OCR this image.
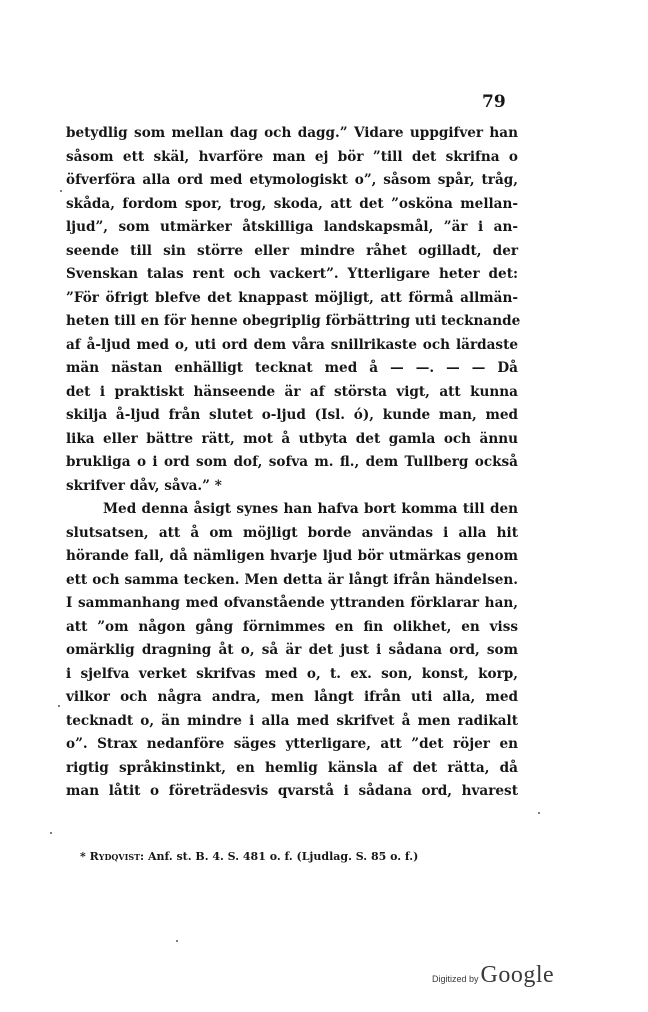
79
betydlig som mellan dag och dagg.” Vidare uppgifver han
såsom ett skäl, hvarföre man ej bör ”till det skrifna o
öfverföra alla ord med etymologiskt o”, såsom spår, tråg,
skåda, fordom spor, trog, skoda, att det ”osköna mellan-
ljud”, som utmärker åtskilliga landskapsmål, ”är i an-
seende till sin större eller mindre råhet ogilladt, der
Svenskan talas rent och vackert”. Ytterligare heter det:
”För öfrigt blefve det knappast möjligt, att förmå allmän-
heten till en för henne obegriplig förbättring uti tecknande
af å-ljud med o, uti ord dem våra snillrikaste och lärdaste
män nästan enhälligt tecknat med å — —. — — Då
det i praktiskt hänseende är af största vigt, att kunna
skilja å-ljud från slutet o-ljud (Isl. ó), kunde man, med
lika eller bättre rätt, mot å utbyta det gamla och ännu
brukliga o i ord som dof, sofva m. fl., dem Tullberg också
skrifver dåv, såva.” *
Med denna åsigt synes han hafva bort komma till den
slutsatsen, att å om möjligt borde användas i alla hit
hörande fall, då nämligen hvarje ljud bör utmärkas genom
ett och samma tecken. Men detta är långt ifrån händelsen.
I sammanhang med ofvanstående yttranden förklarar han,
att ”om någon gång förnimmes en fin olikhet, en viss
omärklig dragning åt o, så är det just i sådana ord, som
i sjelfva verket skrifvas med o, t. ex. son, konst, korp,
vilkor och några andra, men långt ifrån uti alla, med
tecknadt o, än mindre i alla med skrifvet å men radikalt
o”. Strax nedanföre säges ytterligare, att ”det röjer en
rigtig språkinstinkt, en hemlig känsla af det rätta, då
man låtit o företrädesvis qvarstå i sådana ord, hvarest
* Rydqvist: Anf. st. B. 4. S. 481 o. f. (Ljudlag. S. 85 o. f.)
Digitized by Google
